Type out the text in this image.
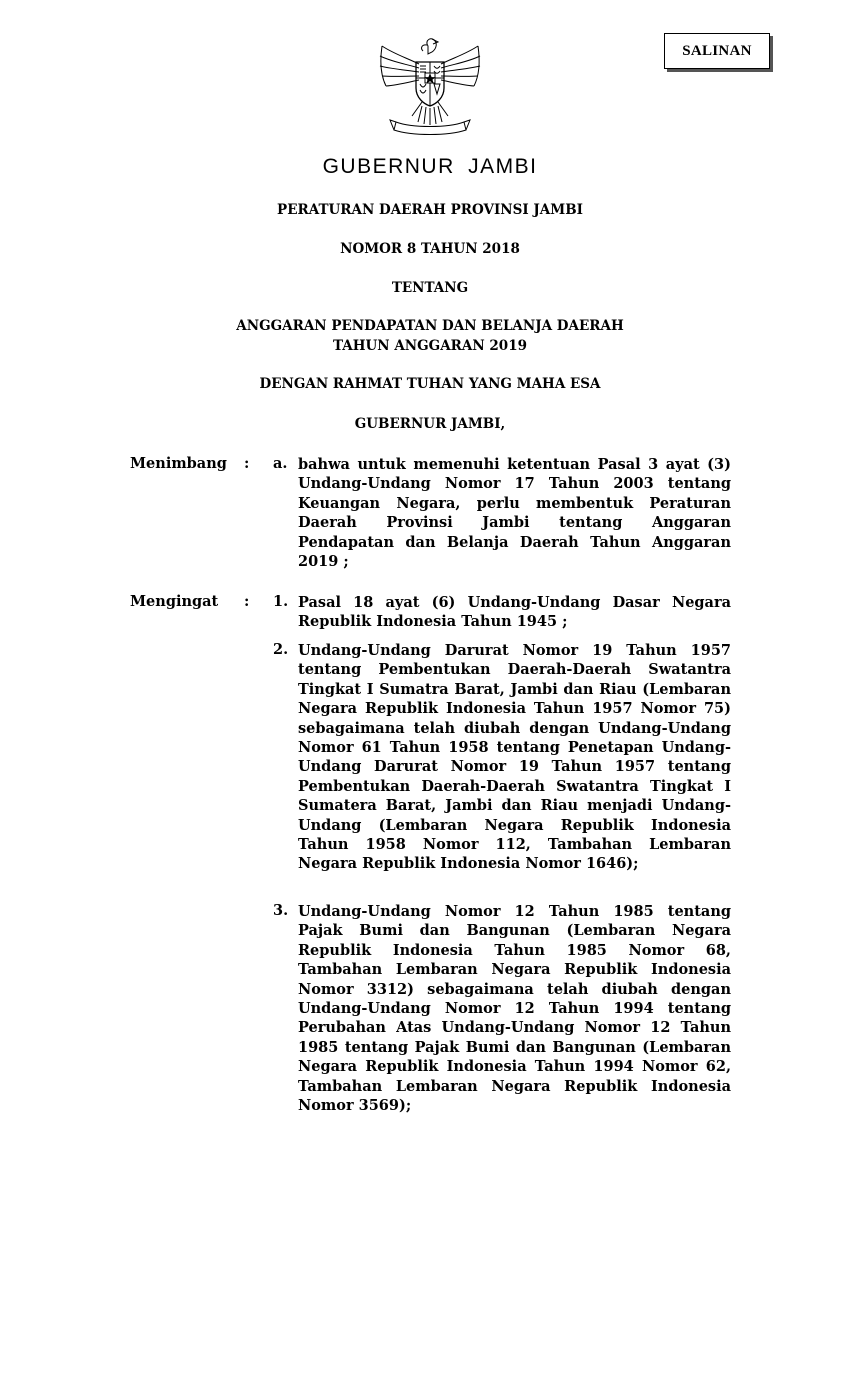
SALINAN
GUBERNUR JAMBI
PERATURAN DAERAH PROVINSI JAMBI
NOMOR 8 TAHUN 2018
TENTANG
ANGGARAN PENDAPATAN DAN BELANJA DAERAH
TAHUN ANGGARAN 2019
DENGAN RAHMAT TUHAN YANG MAHA ESA
GUBERNUR JAMBI,
Menimbang : a. bahwa untuk memenuhi ketentuan Pasal 3 ayat (3) Undang-Undang Nomor 17 Tahun 2003 tentang Keuangan Negara, perlu membentuk Peraturan Daerah Provinsi Jambi tentang Anggaran Pendapatan dan Belanja Daerah Tahun Anggaran 2019 ;
Mengingat : 1. Pasal 18 ayat (6) Undang-Undang Dasar Negara Republik Indonesia Tahun 1945 ;
2. Undang-Undang Darurat Nomor 19 Tahun 1957 tentang Pembentukan Daerah-Daerah Swatantra Tingkat I Sumatra Barat, Jambi dan Riau (Lembaran Negara Republik Indonesia Tahun 1957 Nomor 75) sebagaimana telah diubah dengan Undang-Undang Nomor 61 Tahun 1958 tentang Penetapan Undang-Undang Darurat Nomor 19 Tahun 1957 tentang Pembentukan Daerah-Daerah Swatantra Tingkat I Sumatera Barat, Jambi dan Riau menjadi Undang-Undang (Lembaran Negara Republik Indonesia Tahun 1958 Nomor 112, Tambahan Lembaran Negara Republik Indonesia Nomor 1646);
3. Undang-Undang Nomor 12 Tahun 1985 tentang Pajak Bumi dan Bangunan (Lembaran Negara Republik Indonesia Tahun 1985 Nomor 68, Tambahan Lembaran Negara Republik Indonesia Nomor 3312) sebagaimana telah diubah dengan Undang-Undang Nomor 12 Tahun 1994 tentang Perubahan Atas Undang-Undang Nomor 12 Tahun 1985 tentang Pajak Bumi dan Bangunan (Lembaran Negara Republik Indonesia Tahun 1994 Nomor 62, Tambahan Lembaran Negara Republik Indonesia Nomor 3569);
